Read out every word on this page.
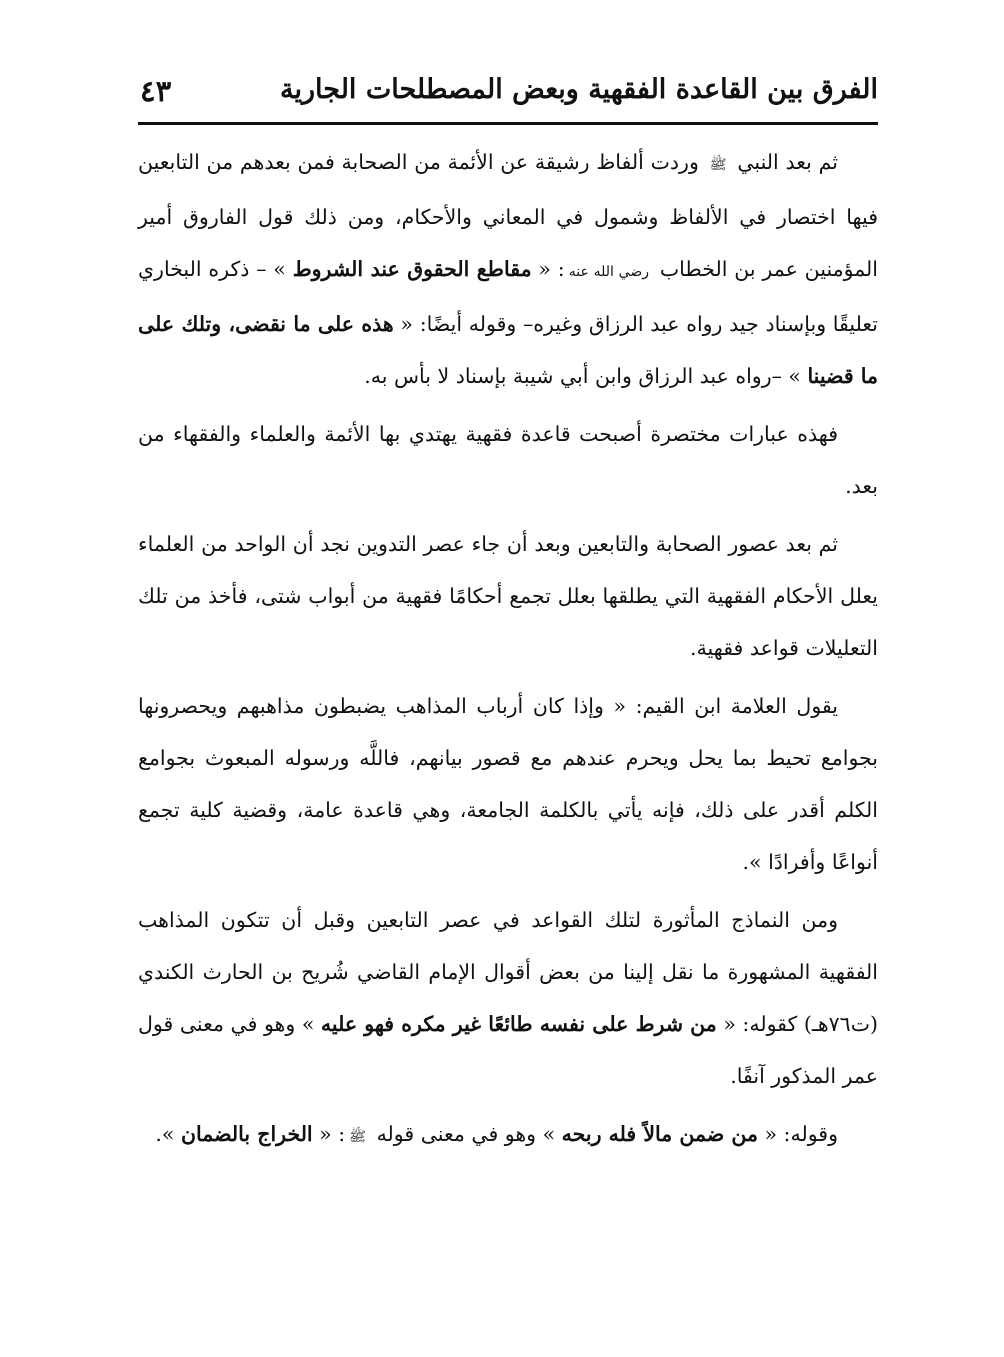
الفرق بين القاعدة الفقهية وبعض المصطلحات الجارية
٤٣

ثم بعد النبي ﷺ وردت ألفاظ رشيقة عن الأئمة من الصحابة فمن بعدهم من التابعين فيها اختصار في الألفاظ وشمول في المعاني والأحكام، ومن ذلك قول الفاروق أمير المؤمنين عمر بن الخطاب رضي الله عنه: « مقاطع الحقوق عند الشروط » – ذكره البخاري تعليقًا وبإسناد جيد رواه عبد الرزاق وغيره– وقوله أيضًا: « هذه على ما نقضى، وتلك على ما قضينا » –رواه عبد الرزاق وابن أبي شيبة بإسناد لا بأس به.

فهذه عبارات مختصرة أصبحت قاعدة فقهية يهتدي بها الأئمة والعلماء والفقهاء من بعد.

ثم بعد عصور الصحابة والتابعين وبعد أن جاء عصر التدوين نجد أن الواحد من العلماء يعلل الأحكام الفقهية التي يطلقها بعلل تجمع أحكامًا فقهية من أبواب شتى، فأخذ من تلك التعليلات قواعد فقهية.

يقول العلامة ابن القيم: « وإذا كان أرباب المذاهب يضبطون مذاهبهم ويحصرونها بجوامع تحيط بما يحل ويحرم عندهم مع قصور بيانهم، فاللَّه ورسوله المبعوث بجوامع الكلم أقدر على ذلك، فإنه يأتي بالكلمة الجامعة، وهي قاعدة عامة، وقضية كلية تجمع أنواعًا وأفرادًا ».

ومن النماذج المأثورة لتلك القواعد في عصر التابعين وقبل أن تتكون المذاهب الفقهية المشهورة ما نقل إلينا من بعض أقوال الإمام القاضي شُريح بن الحارث الكندي (ت٧٦هـ) كقوله: « من شرط على نفسه طائعًا غير مكره فهو عليه » وهو في معنى قول عمر المذكور آنفًا.

وقوله: « من ضمن مالاً فله ربحه » وهو في معنى قوله ﷺ: « الخراج بالضمان ».
